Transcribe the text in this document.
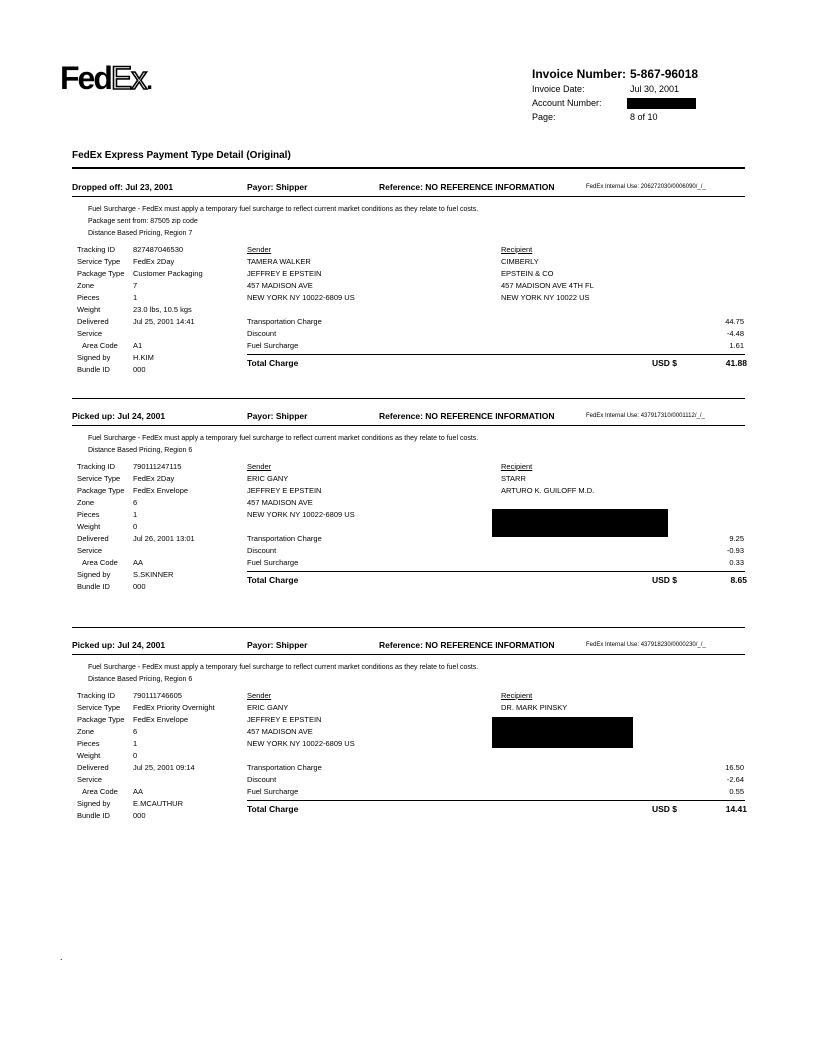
FedEx.	Invoice Number: 5-867-96018
Invoice Date:	Jul 30, 2001
Account Number:
Page:	8 of 10
FedEx Express Payment Type Detail (Original)
Dropped off: Jul 23, 2001	Payor: Shipper	Reference: NO REFERENCE INFORMATION	FedEx Internal Use: 206272030/0006090/_/_
Fuel Surcharge - FedEx must apply a temporary fuel surcharge to reflect current market conditions as they relate to fuel costs.
Package sent from: 87505 zip code
Distance Based Pricing, Region 7
Tracking ID 827487046530
Service Type FedEx 2Day
Package Type Customer Packaging
Zone	7
Pieces	1
Weight	23.0 lbs, 10.5 kgs
Delivered	Jul 25, 2001 14:41
Service
Area Code A1
Signed by	H.KIM
Bundle ID	000
Sender
TAMERA WALKER
JEFFREY E EPSTEIN
457 MADISON AVE
NEW YORK NY 10022-6809 US
Recipient
CIMBERLY
EPSTEIN & CO
457 MADISON AVE 4TH FL
NEW YORK NY 10022 US
Transportation Charge	44.75
Discount	-4.48
Fuel Surcharge	1.61
Total Charge	USD $	41.88
Picked up: Jul 24, 2001	Payor: Shipper	Reference: NO REFERENCE INFORMATION	FedEx Internal Use: 437917310/0001112/_/_
Fuel Surcharge - FedEx must apply a temporary fuel surcharge to reflect current market conditions as they relate to fuel costs.
Distance Based Pricing, Region 6
Tracking ID 790111247115
Service Type FedEx 2Day
Package Type FedEx Envelope
Zone	6
Pieces	1
Weight	0
Delivered	Jul 26, 2001 13:01
Service
Area Code AA
Signed by	S.SKINNER
Bundle ID	000
Sender
ERIC GANY
JEFFREY E EPSTEIN
457 MADISON AVE
NEW YORK NY 10022-6809 US
Recipient
STARR
ARTURO K. GUILOFF M.D.
Transportation Charge	9.25
Discount	-0.93
Fuel Surcharge	0.33
Total Charge	USD $	8.65
Picked up: Jul 24, 2001	Payor: Shipper	Reference: NO REFERENCE INFORMATION	FedEx Internal Use: 437918230/0000230/_/_
Fuel Surcharge - FedEx must apply a temporary fuel surcharge to reflect current market conditions as they relate to fuel costs.
Distance Based Pricing, Region 6
Tracking ID 790111746605
Service Type FedEx Priority Overnight
Package Type FedEx Envelope
Zone	6
Pieces	1
Weight	0
Delivered	Jul 25, 2001 09:14
Service
Area Code AA
Signed by	E.MCAUTHUR
Bundle ID	000
Sender
ERIC GANY
JEFFREY E EPSTEIN
457 MADISON AVE
NEW YORK NY 10022-6809 US
Recipient
DR. MARK PINSKY
Transportation Charge	16.50
Discount	-2.64
Fuel Surcharge	0.55
Total Charge	USD $	14.41
.
